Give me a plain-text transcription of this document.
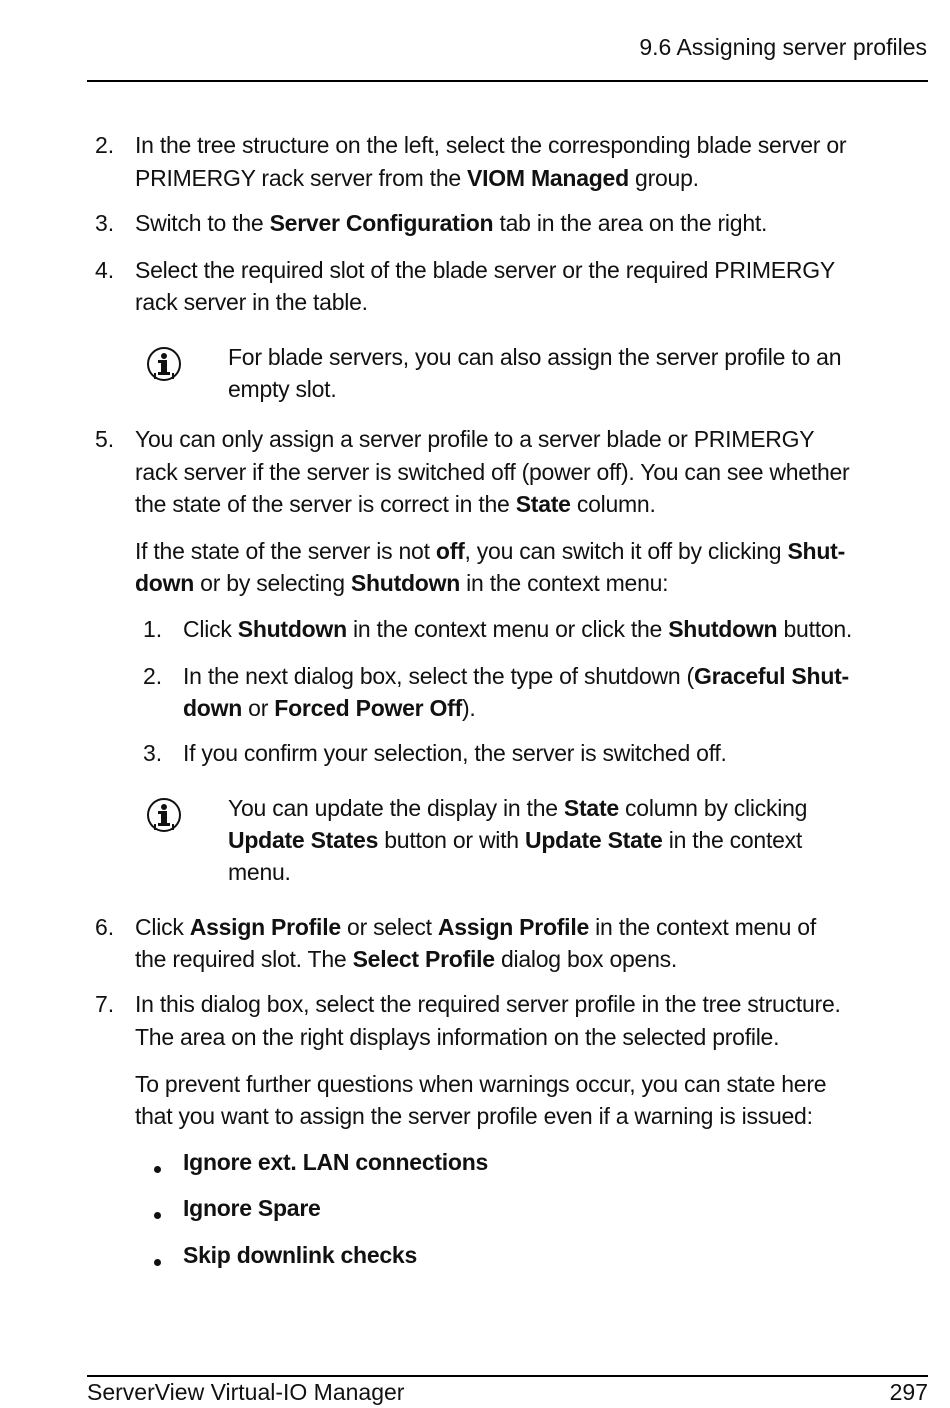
9.6 Assigning server profiles
2. In the tree structure on the left, select the corresponding blade server or
PRIMERGY rack server from the VIOM Managed group.
3. Switch to the Server Configuration tab in the area on the right.
4. Select the required slot of the blade server or the required PRIMERGY
rack server in the table.
For blade servers, you can also assign the server profile to an
empty slot.
5. You can only assign a server profile to a server blade or PRIMERGY
rack server if the server is switched off (power off). You can see whether
the state of the server is correct in the State column.
If the state of the server is not off, you can switch it off by clicking Shut-
down or by selecting Shutdown in the context menu:
1. Click Shutdown in the context menu or click the Shutdown button.
2. In the next dialog box, select the type of shutdown (Graceful Shut-
down or Forced Power Off).
3. If you confirm your selection, the server is switched off.
You can update the display in the State column by clicking
Update States button or with Update State in the context
menu.
6. Click Assign Profile or select Assign Profile in the context menu of
the required slot. The Select Profile dialog box opens.
7. In this dialog box, select the required server profile in the tree structure.
The area on the right displays information on the selected profile.
To prevent further questions when warnings occur, you can state here
that you want to assign the server profile even if a warning is issued:
Ignore ext. LAN connections
Ignore Spare
Skip downlink checks
ServerView Virtual-IO Manager	297
